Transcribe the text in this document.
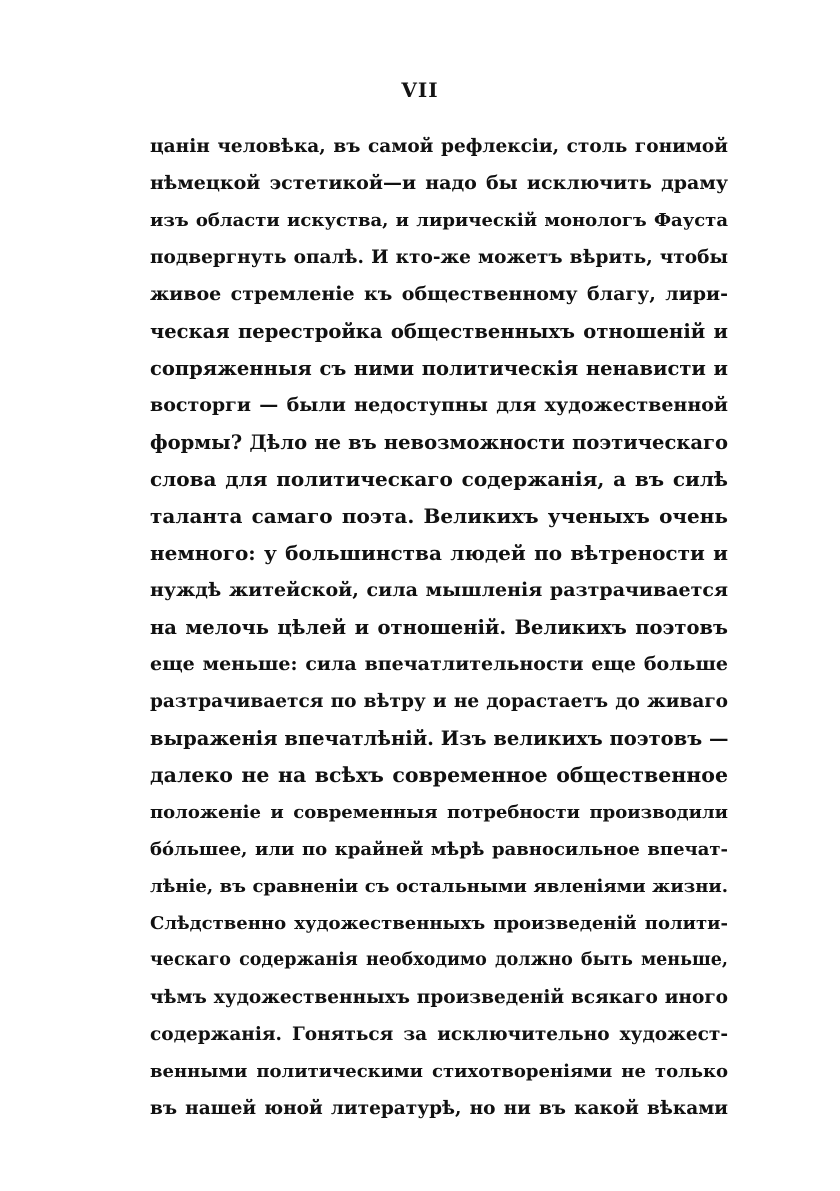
VII
цанін человѣка, въ самой рефлексіи, столь гонимой
нѣмецкой эстетикой—и надо бы исключить драму
изъ области искуства, и лирическій монологъ Фауста
подвергнуть опалѣ. И кто-же можетъ вѣрить, чтобы
живое стремленіе къ общественному благу, лири-
ческая перестройка общественныхъ отношеній и
сопряженныя съ ними политическія ненависти и
восторги — были недоступны для художественной
формы? Дѣло не въ невозможности поэтическаго
слова для политическаго содержанія, а въ силѣ
таланта самаго поэта. Великихъ ученыхъ очень
немного: у большинства людей по вѣтрености и
нуждѣ житейской, сила мышленія разтрачивается
на мелочь цѣлей и отношеній. Великихъ поэтовъ
еще меньше: сила впечатлительности еще больше
разтрачивается по вѣтру и не дорастаетъ до живаго
выраженія впечатлѣній. Изъ великихъ поэтовъ —
далеко не на всѣхъ современное общественное
положеніе и современныя потребности производили
бо́льшее, или по крайней мѣрѣ равносильное впечат-
лѣніе, въ сравненіи съ остальными явленіями жизни.
Слѣдственно художественныхъ произведеній полити-
ческаго содержанія необходимо должно быть меньше,
чѣмъ художественныхъ произведеній всякаго иного
содержанія. Гоняться за исключительно художест-
венными политическими стихотвореніями не только
въ нашей юной литературѣ, но ни въ какой вѣками
